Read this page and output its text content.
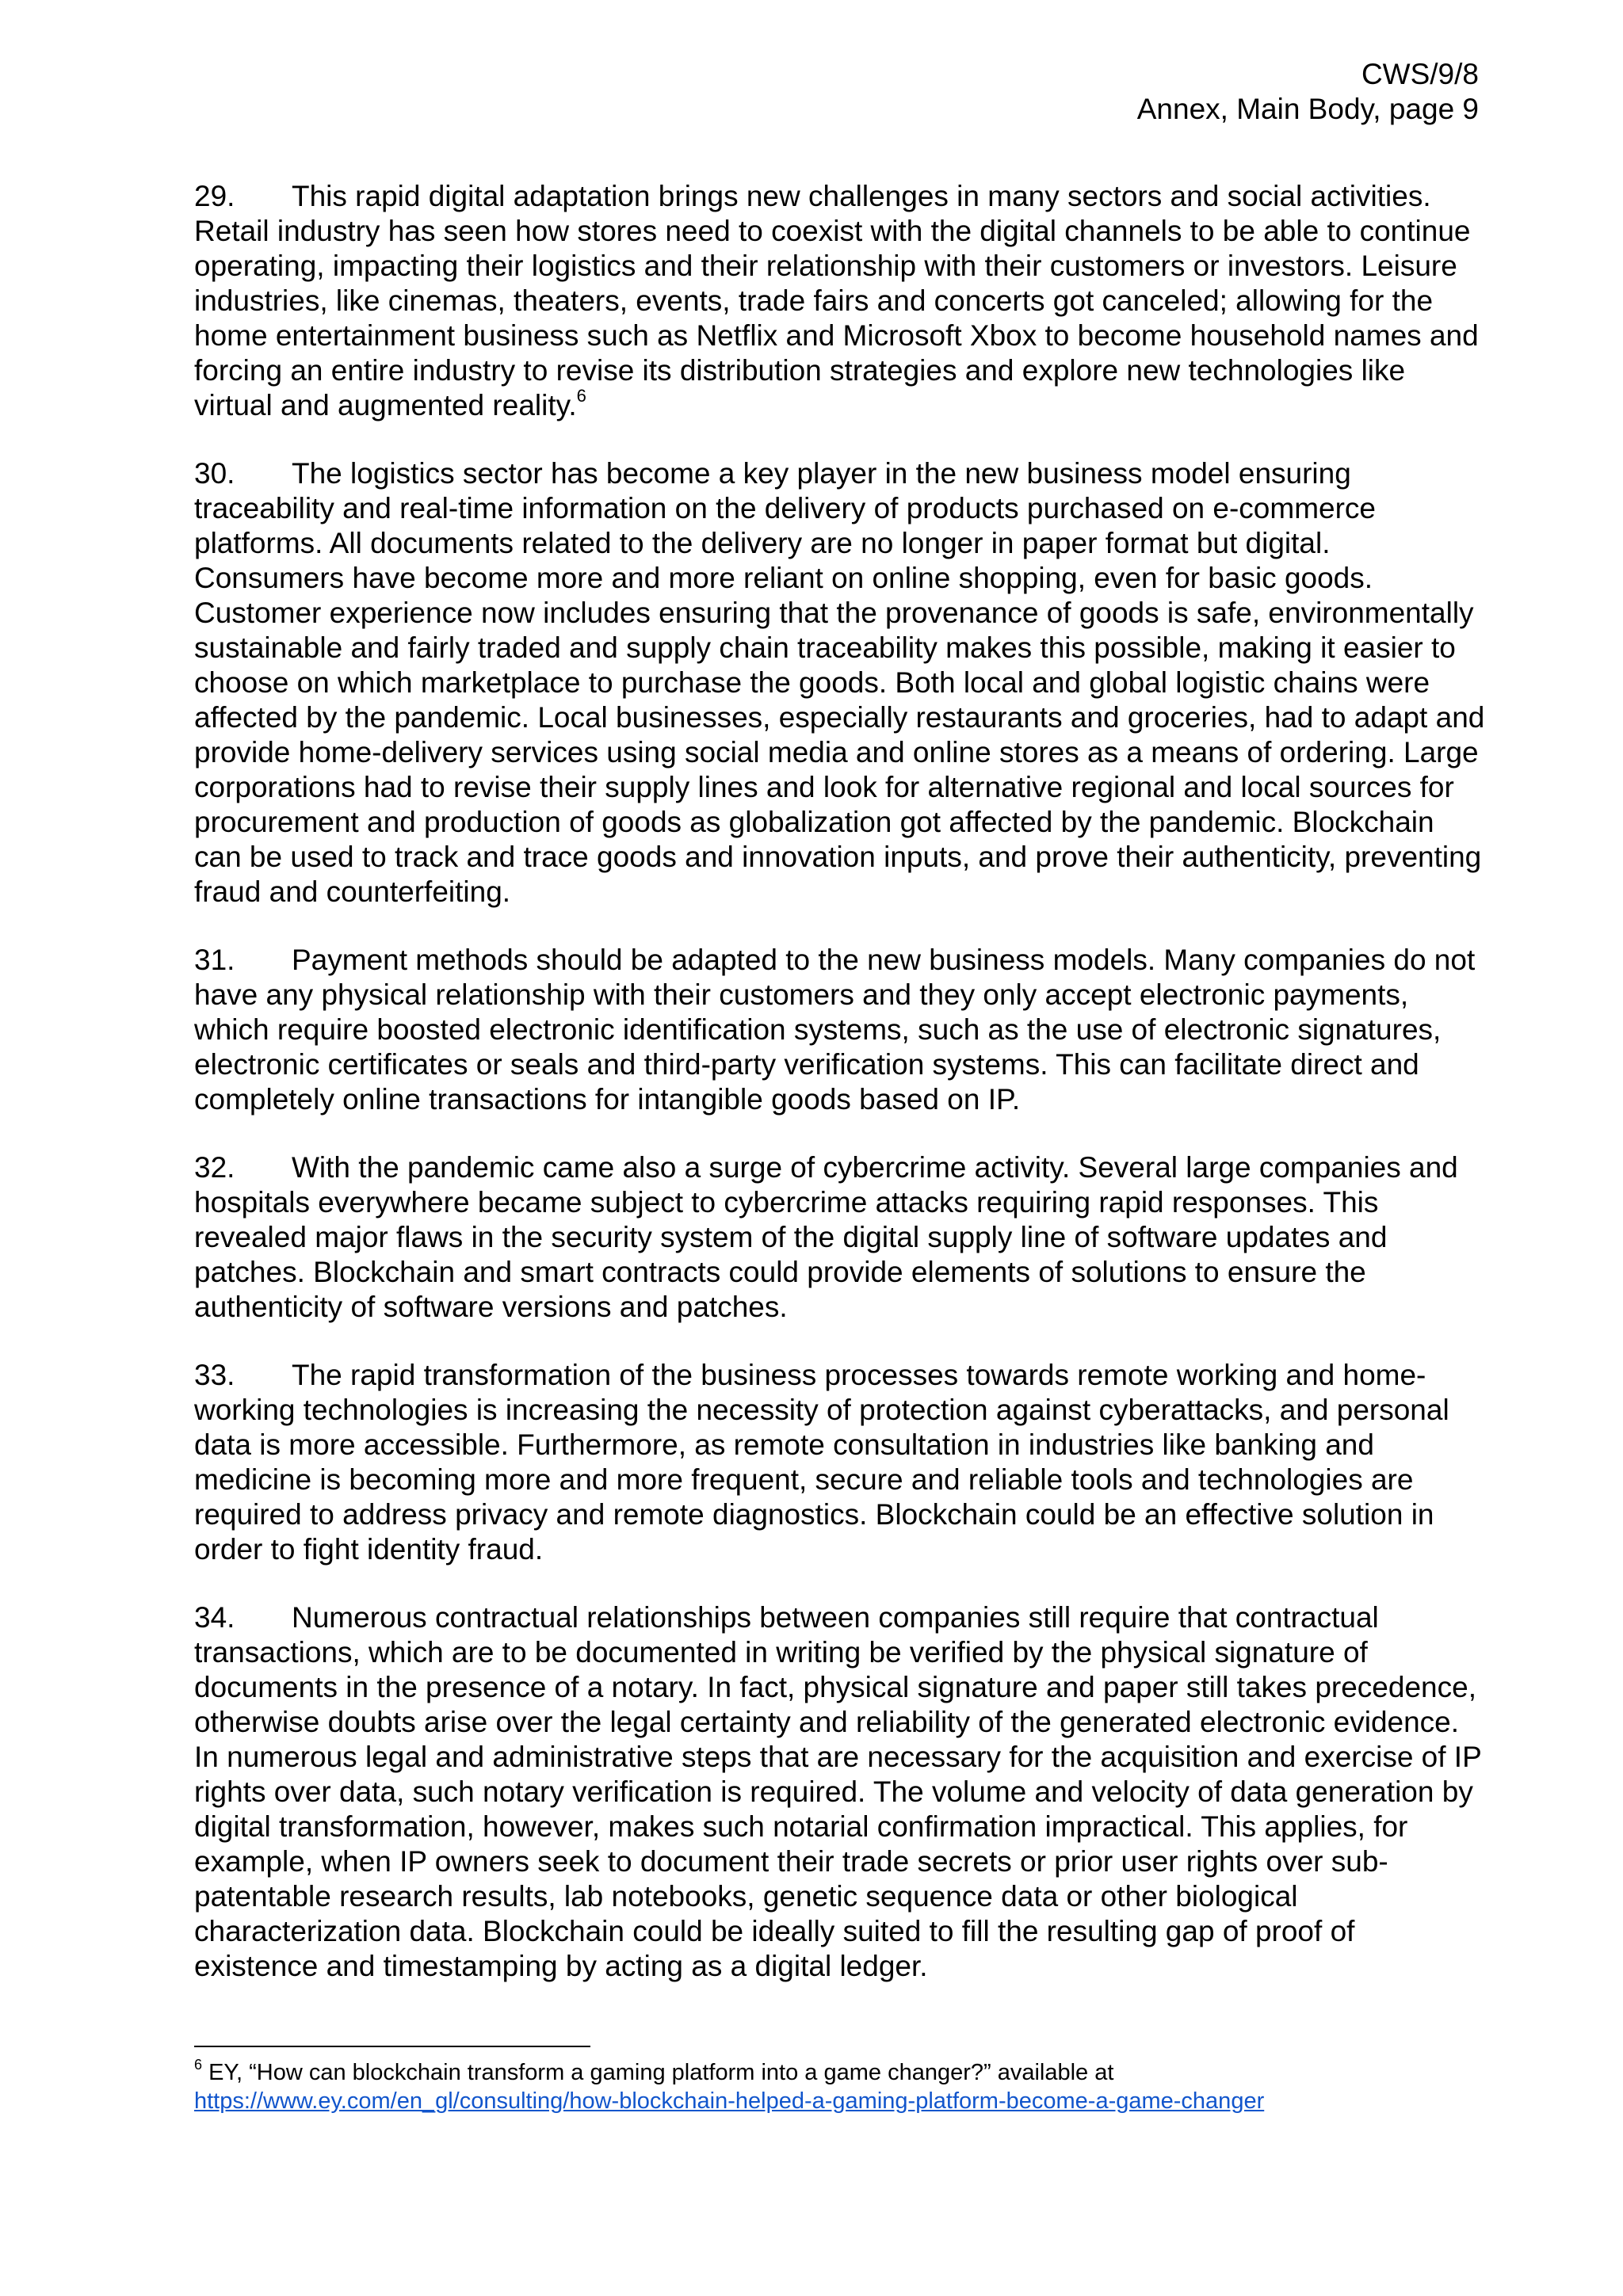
CWS/9/8
Annex, Main Body, page 9

29. This rapid digital adaptation brings new challenges in many sectors and social activities. Retail industry has seen how stores need to coexist with the digital channels to be able to continue operating, impacting their logistics and their relationship with their customers or investors. Leisure industries, like cinemas, theaters, events, trade fairs and concerts got canceled; allowing for the home entertainment business such as Netflix and Microsoft Xbox to become household names and forcing an entire industry to revise its distribution strategies and explore new technologies like virtual and augmented reality.$^6$

30. The logistics sector has become a key player in the new business model ensuring traceability and real-time information on the delivery of products purchased on e-commerce platforms. All documents related to the delivery are no longer in paper format but digital. Consumers have become more and more reliant on online shopping, even for basic goods. Customer experience now includes ensuring that the provenance of goods is safe, environmentally sustainable and fairly traded and supply chain traceability makes this possible, making it easier to choose on which marketplace to purchase the goods. Both local and global logistic chains were affected by the pandemic. Local businesses, especially restaurants and groceries, had to adapt and provide home-delivery services using social media and online stores as a means of ordering. Large corporations had to revise their supply lines and look for alternative regional and local sources for procurement and production of goods as globalization got affected by the pandemic. Blockchain can be used to track and trace goods and innovation inputs, and prove their authenticity, preventing fraud and counterfeiting.

31. Payment methods should be adapted to the new business models. Many companies do not have any physical relationship with their customers and they only accept electronic payments, which require boosted electronic identification systems, such as the use of electronic signatures, electronic certificates or seals and third-party verification systems. This can facilitate direct and completely online transactions for intangible goods based on IP.

32. With the pandemic came also a surge of cybercrime activity. Several large companies and hospitals everywhere became subject to cybercrime attacks requiring rapid responses. This revealed major flaws in the security system of the digital supply line of software updates and patches. Blockchain and smart contracts could provide elements of solutions to ensure the authenticity of software versions and patches.

33. The rapid transformation of the business processes towards remote working and home-working technologies is increasing the necessity of protection against cyberattacks, and personal data is more accessible. Furthermore, as remote consultation in industries like banking and medicine is becoming more and more frequent, secure and reliable tools and technologies are required to address privacy and remote diagnostics. Blockchain could be an effective solution in order to fight identity fraud.

34. Numerous contractual relationships between companies still require that contractual transactions, which are to be documented in writing be verified by the physical signature of documents in the presence of a notary. In fact, physical signature and paper still takes precedence, otherwise doubts arise over the legal certainty and reliability of the generated electronic evidence. In numerous legal and administrative steps that are necessary for the acquisition and exercise of IP rights over data, such notary verification is required. The volume and velocity of data generation by digital transformation, however, makes such notarial confirmation impractical. This applies, for example, when IP owners seek to document their trade secrets or prior user rights over sub-patentable research results, lab notebooks, genetic sequence data or other biological characterization data. Blockchain could be ideally suited to fill the resulting gap of proof of existence and timestamping by acting as a digital ledger.

$^6$ EY, “How can blockchain transform a gaming platform into a game changer?” available at
https://www.ey.com/en_gl/consulting/how-blockchain-helped-a-gaming-platform-become-a-game-changer
